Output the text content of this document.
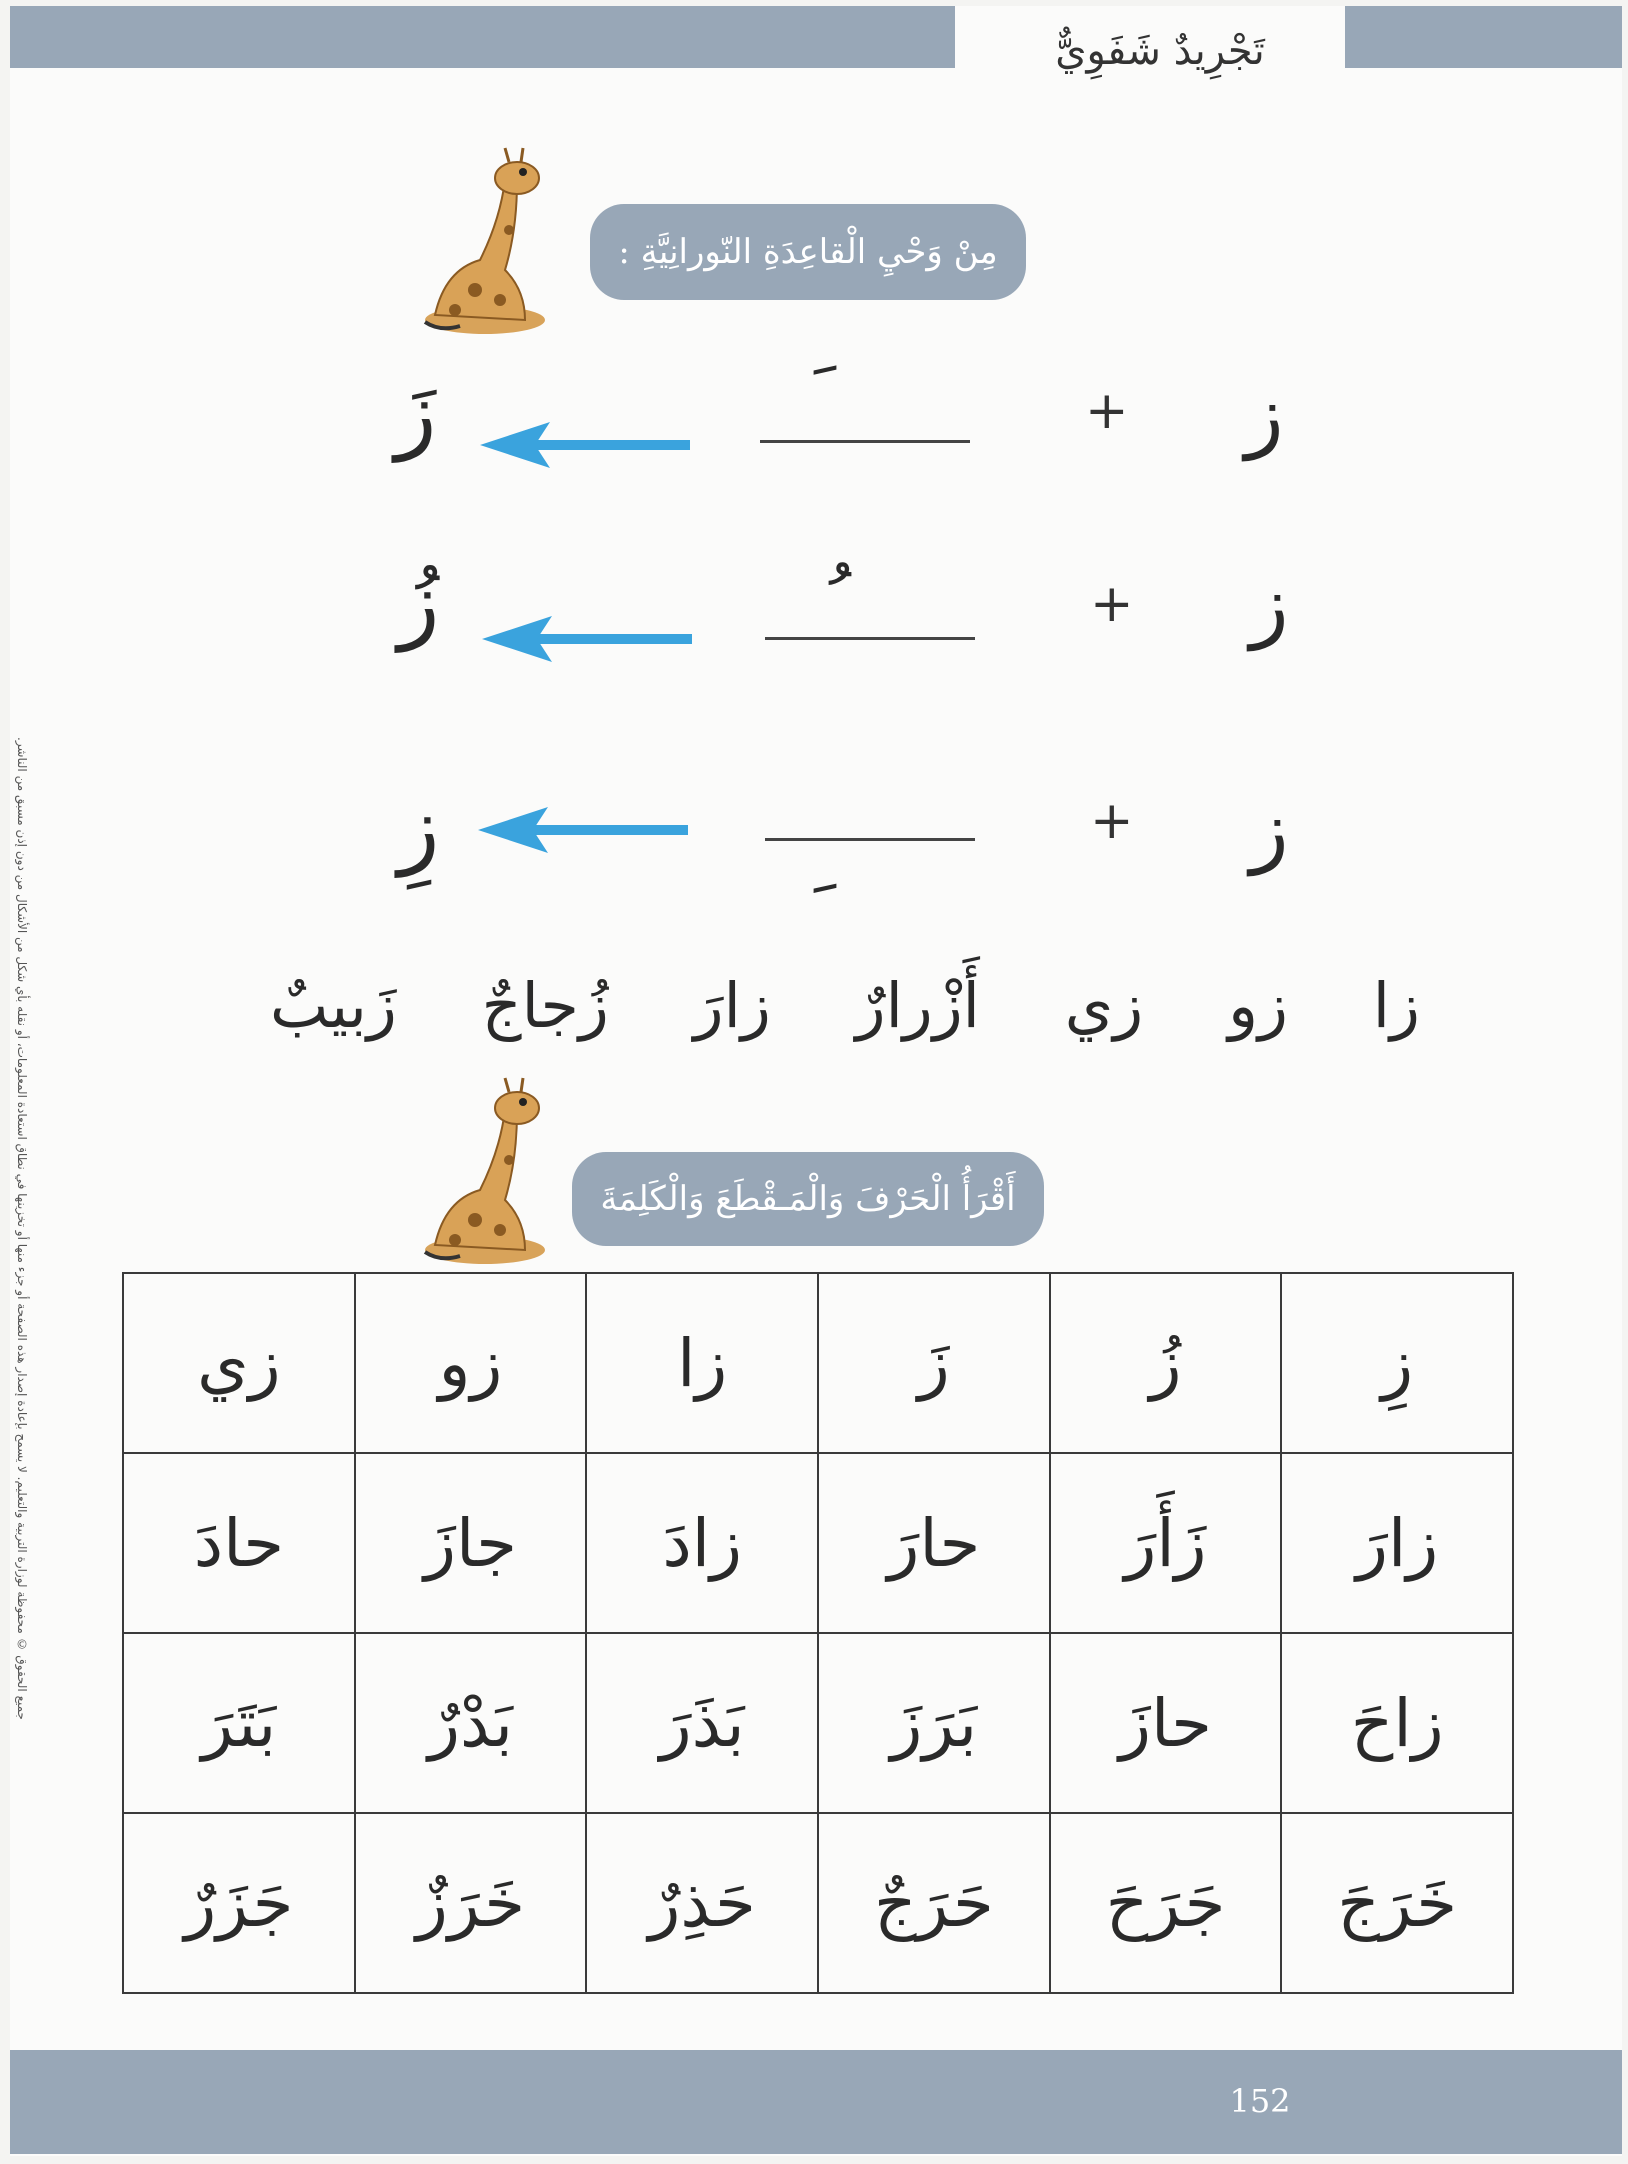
تَجْرِيدٌ شَفَوِيٌّ
جميع الحقوق © محفوظة لوزارة التربية والتعليم. لا يسمح بإعادة إصدار هذه الصفحة أو جزء منها أو تخزينها في نطاق استعادة المعلومات، أو نقله بأي شكل من الأشكال من دون إذن مسبق من الناشر.
مِنْ وَحْيِ الْقاعِدَةِ النّورانِيَّةِ :
ز
+
زَ
ز
+
زُ
ز
+
زِ
زا
زو
زي
أَزْرارٌ
زارَ
زُجاجٌ
زَبيبٌ
أَقْرَأُ الْحَرْفَ وَالْمَـقْطَعَ وَالْكَلِمَةَ
زِ	زُ	زَ	زا	زو	زي
زارَ	زَأَرَ	حارَ	زادَ	جازَ	حادَ
زاحَ	حازَ	بَرَزَ	بَذَرَ	بَدْرٌ	بَتَرَ
خَرَجَ	جَرَحَ	حَرَجٌ	حَذِرٌ	خَرَزٌ	جَزَرٌ
152
